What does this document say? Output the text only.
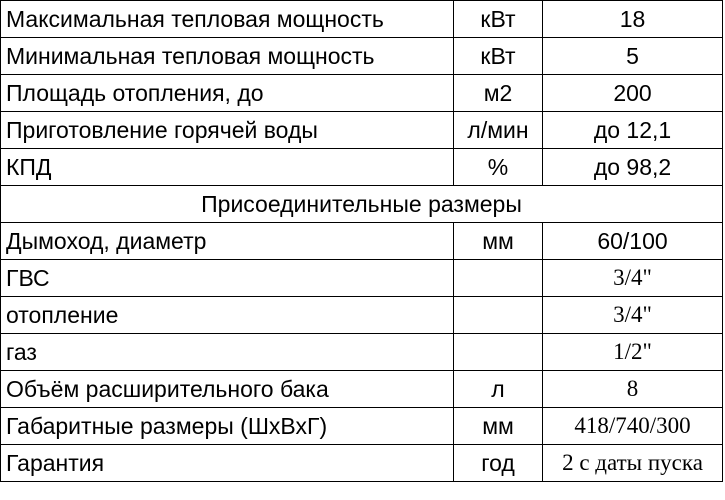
Максимальная тепловая мощность	кВт	18
Минимальная тепловая мощность	кВт	5
Площадь отопления, до	м2	200
Приготовление горячей воды	л/мин	до 12,1
КПД	%	до 98,2
Присоединительные размеры		
Дымоход, диаметр	мм	60/100
ГВС		3/4"
отопление		3/4"
газ		1/2"
Объём расширительного бака	л	8
Габаритные размеры (ШхВхГ)	мм	418/740/300
Гарантия	год	2 с даты пуска
